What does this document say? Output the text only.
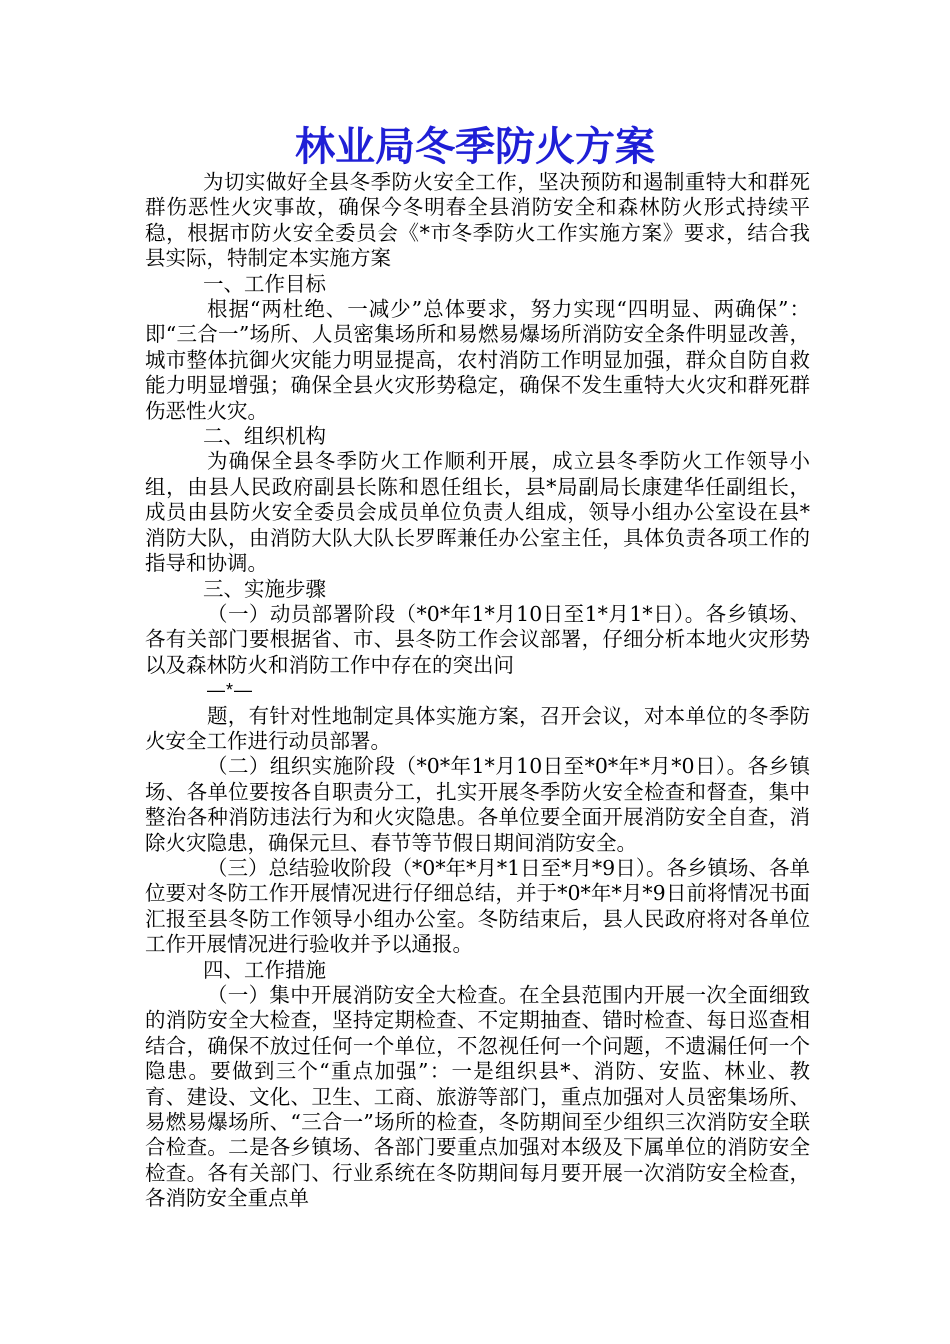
林业局冬季防火方案

为切实做好全县冬季防火安全工作，坚决预防和遏制重特大和群死群伤恶性火灾事故，确保今冬明春全县消防安全和森林防火形式持续平稳，根据市防火安全委员会《*市冬季防火工作实施方案》要求，结合我县实际，特制定本实施方案

一、工作目标

根据“两杜绝、一减少”总体要求，努力实现“四明显、两确保”：即“三合一”场所、人员密集场所和易燃易爆场所消防安全条件明显改善，城市整体抗御火灾能力明显提高，农村消防工作明显加强，群众自防自救能力明显增强；确保全县火灾形势稳定，确保不发生重特大火灾和群死群伤恶性火灾。

二、组织机构

为确保全县冬季防火工作顺利开展，成立县冬季防火工作领导小组，由县人民政府副县长陈和恩任组长，县*局副局长康建华任副组长，成员由县防火安全委员会成员单位负责人组成，领导小组办公室设在县*消防大队，由消防大队大队长罗晖兼任办公室主任，具体负责各项工作的指导和协调。

三、实施步骤

（一）动员部署阶段（*0*年1*月10日至1*月1*日）。各乡镇场、各有关部门要根据省、市、县冬防工作会议部署，仔细分析本地火灾形势以及森林防火和消防工作中存在的突出问

—*—

题，有针对性地制定具体实施方案，召开会议，对本单位的冬季防火安全工作进行动员部署。

（二）组织实施阶段（*0*年1*月10日至*0*年*月*0日）。各乡镇场、各单位要按各自职责分工，扎实开展冬季防火安全检查和督查，集中整治各种消防违法行为和火灾隐患。各单位要全面开展消防安全自查，消除火灾隐患，确保元旦、春节等节假日期间消防安全。

（三）总结验收阶段（*0*年*月*1日至*月*9日）。各乡镇场、各单位要对冬防工作开展情况进行仔细总结，并于*0*年*月*9日前将情况书面汇报至县冬防工作领导小组办公室。冬防结束后，县人民政府将对各单位工作开展情况进行验收并予以通报。

四、工作措施

（一）集中开展消防安全大检查。在全县范围内开展一次全面细致的消防安全大检查，坚持定期检查、不定期抽查、错时检查、每日巡查相结合，确保不放过任何一个单位，不忽视任何一个问题，不遗漏任何一个隐患。要做到三个“重点加强”：一是组织县*、消防、安监、林业、教育、建设、文化、卫生、工商、旅游等部门，重点加强对人员密集场所、易燃易爆场所、“三合一”场所的检查，冬防期间至少组织三次消防安全联合检查。二是各乡镇场、各部门要重点加强对本级及下属单位的消防安全检查。各有关部门、行业系统在冬防期间每月要开展一次消防安全检查，各消防安全重点单
